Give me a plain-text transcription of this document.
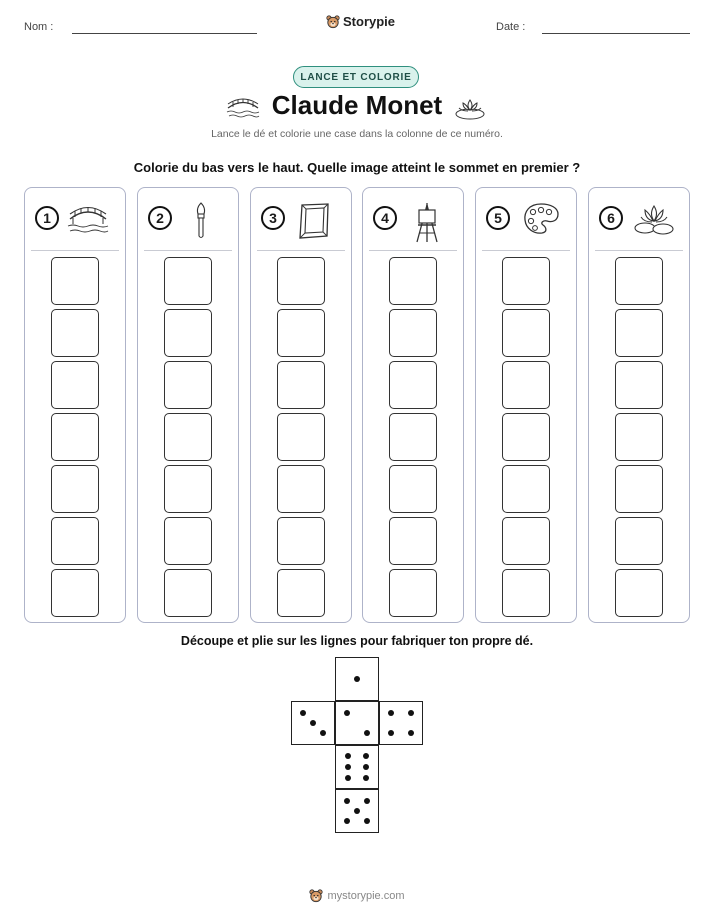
Nom :	Storypie	Date :
LANCE ET COLORIE
Claude Monet
Lance le dé et colorie une case dans la colonne de ce numéro.
Colorie du bas vers le haut. Quelle image atteint le sommet en premier ?
1	2	3	4	5	6
Découpe et plie sur les lignes pour fabriquer ton propre dé.
mystorypie.com
